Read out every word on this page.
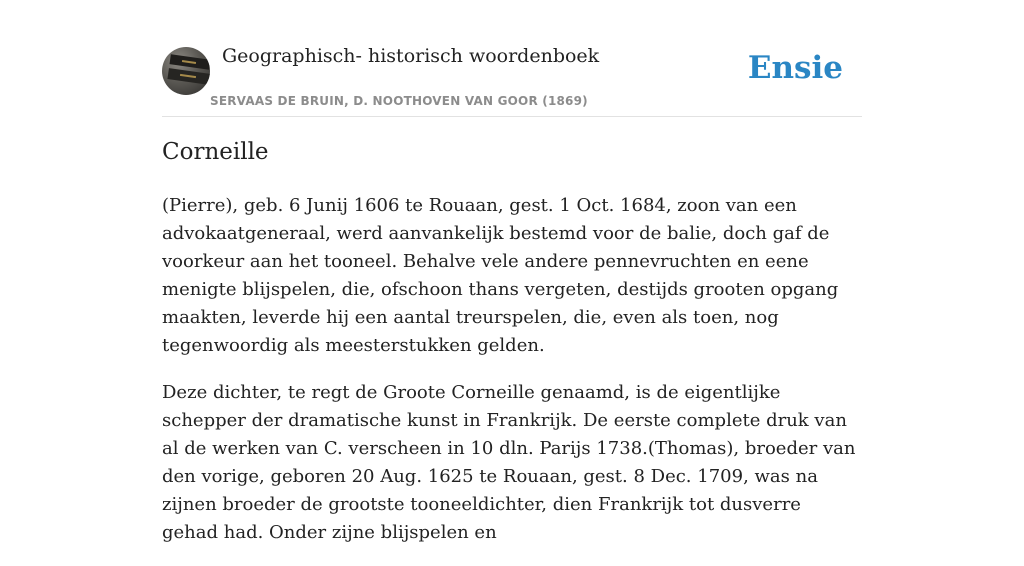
Geographisch- historisch woordenboek
SERVAAS DE BRUIN, D. NOOTHOVEN VAN GOOR (1869)
Ensie
Corneille

(Pierre), geb. 6 Junij 1606 te Rouaan, gest. 1 Oct. 1684, zoon van een advokaatgeneraal, werd aanvankelijk bestemd voor de balie, doch gaf de voorkeur aan het tooneel. Behalve vele andere pennevruchten en eene menigte blijspelen, die, ofschoon thans vergeten, destijds grooten opgang maakten, leverde hij een aantal treurspelen, die, even als toen, nog tegenwoordig als meesterstukken gelden.

Deze dichter, te regt de Groote Corneille genaamd, is de eigentlijke schepper der dramatische kunst in Frankrijk. De eerste complete druk van al de werken van C. verscheen in 10 dln. Parijs 1738.(Thomas), broeder van den vorige, geboren 20 Aug. 1625 te Rouaan, gest. 8 Dec. 1709, was na zijnen broeder de grootste tooneeldichter, dien Frankrijk tot dusverre gehad had. Onder zijne blijspelen en
